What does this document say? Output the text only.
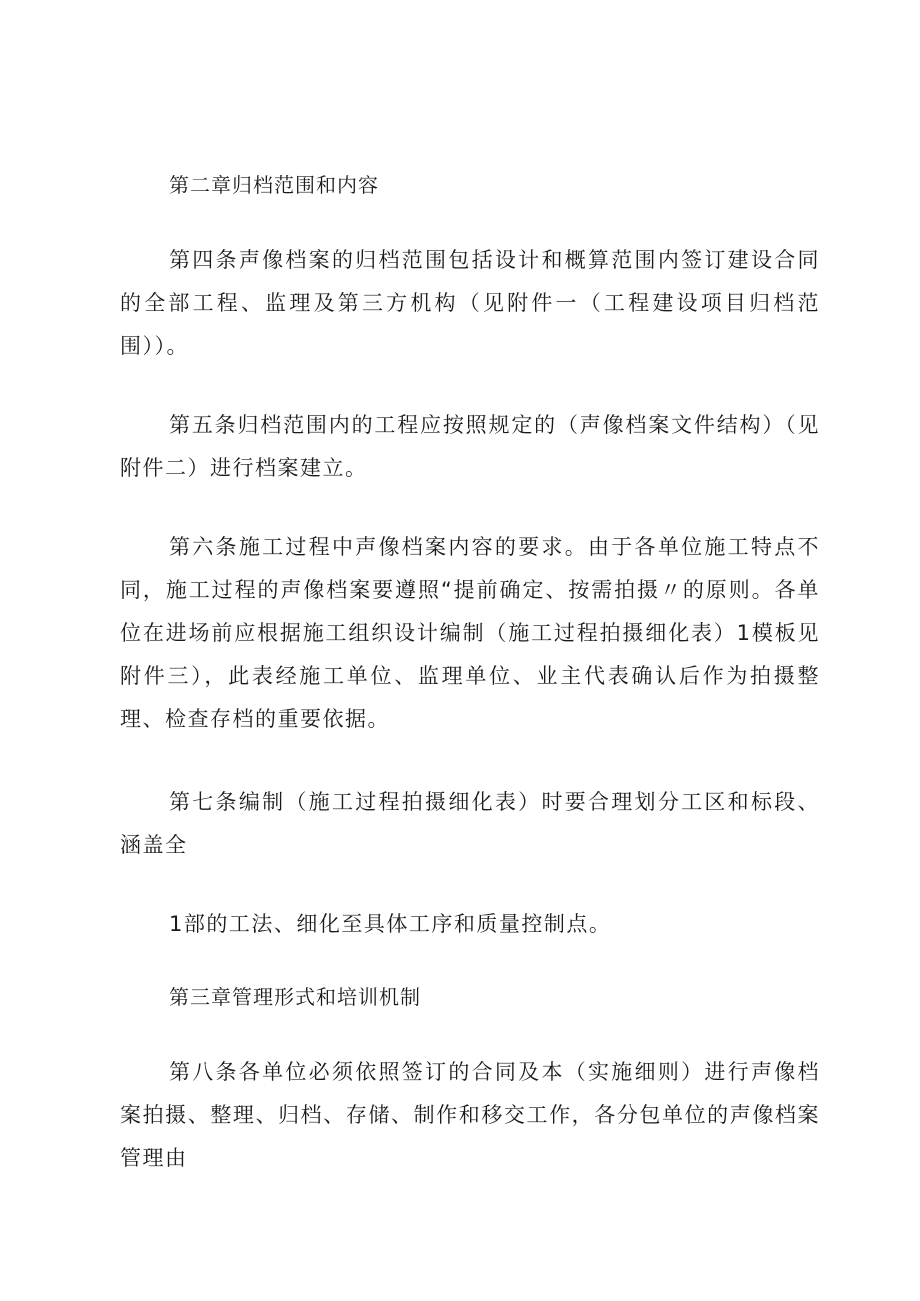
第二章归档范围和内容

第四条声像档案的归档范围包括设计和概算范围内签订建设合同的全部工程、监理及第三方机构（见附件一（工程建设项目归档范围））。

第五条归档范围内的工程应按照规定的（声像档案文件结构）（见附件二）进行档案建立。

第六条施工过程中声像档案内容的要求。由于各单位施工特点不同，施工过程的声像档案要遵照“提前确定、按需拍摄〃的原则。各单位在进场前应根据施工组织设计编制（施工过程拍摄细化表）1模板见附件三），此表经施工单位、监理单位、业主代表确认后作为拍摄整理、检查存档的重要依据。

第七条编制（施工过程拍摄细化表）时要合理划分工区和标段、涵盖全

1部的工法、细化至具体工序和质量控制点。

第三章管理形式和培训机制

第八条各单位必须依照签订的合同及本（实施细则）进行声像档案拍摄、整理、归档、存储、制作和移交工作，各分包单位的声像档案管理由
